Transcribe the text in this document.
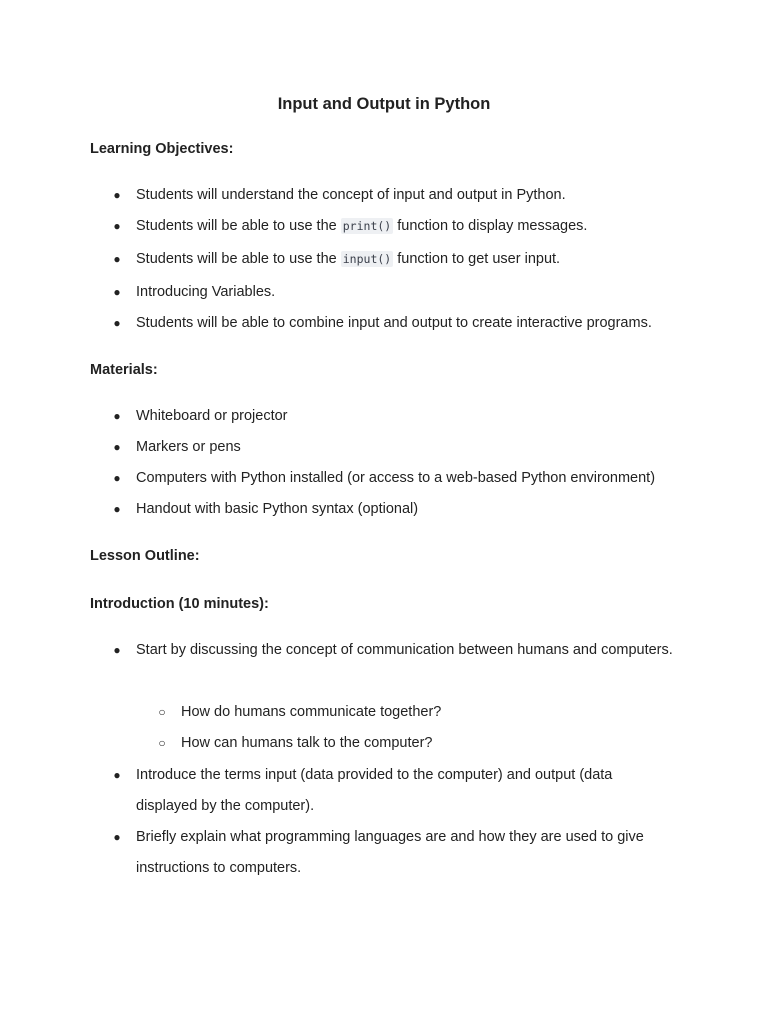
Input and Output in Python
Learning Objectives:
● Students will understand the concept of input and output in Python.
● Students will be able to use the print() function to display messages.
● Students will be able to use the input() function to get user input.
● Introducing Variables.
● Students will be able to combine input and output to create interactive programs.
Materials:
● Whiteboard or projector
● Markers or pens
● Computers with Python installed (or access to a web-based Python environment)
● Handout with basic Python syntax (optional)
Lesson Outline:
Introduction (10 minutes):
● Start by discussing the concept of communication between humans and computers.
○ How do humans communicate together?
○ How can humans talk to the computer?
● Introduce the terms input (data provided to the computer) and output (data displayed by the computer).
● Briefly explain what programming languages are and how they are used to give instructions to computers.
